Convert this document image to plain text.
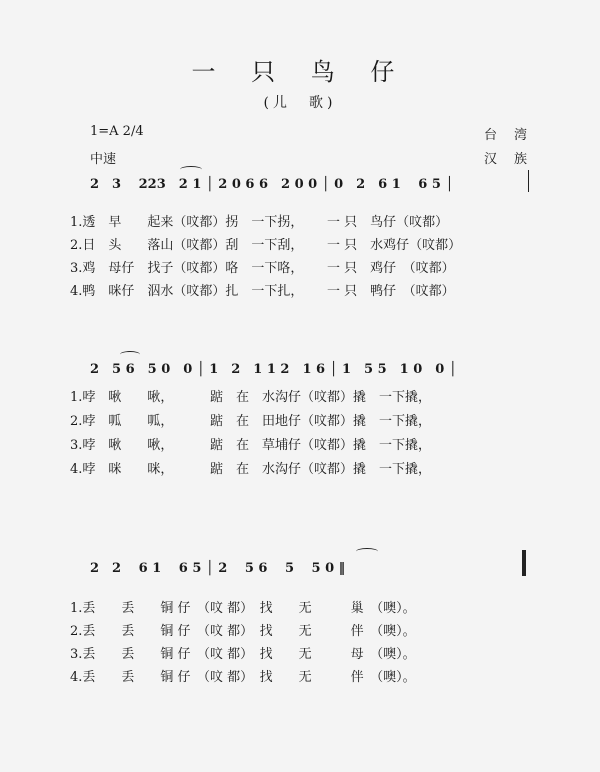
一 只 鸟 仔
(儿　歌)
1=A 2/4
中速
台　湾
汉　族
2　3　 223　2 1 │ 2 0 6 6　2 0 0 │ 0　2　6 1　 6 5 │
1.透　早　　起来（呅都）拐　一下拐，　　 一 只　鸟仔（呅都）
2.日　头　　落山（呅都）刮　一下刮，　　 一 只　水鸡仔（呅都）
3.鸡　母仔　找子（呅都）咯　一下咯，　　 一 只　鸡仔　（呅都）
4.鸭　咪仔　泅水（呅都）扎　一下扎，　　 一 只　鸭仔　（呅都）
2　5 6　5 0　0 │ 1　2　1 1 2　1 6 │ 1　5 5　1 0　0 │
1.哱　啾　　啾，　　　 踮　在　水沟仔（呅都）撬　一下撬，
2.哱　呱　　呱，　　　 踮　在　田地仔（呅都）撬　一下撬，
3.哱　啾　　啾，　　　 踮　在　草埔仔（呅都）撬　一下撬，
4.哱　咪　　咪，　　　 踮　在　水沟仔（呅都）撬　一下撬，
2　2　 6 1　 6 5 │ 2　 5 6　 5　 5 0 ‖
1.丢　　丢　　铜 仔　（呅 都）　找　　无　　　巢　（噢）。
2.丢　　丢　　铜 仔　（呅 都）　找　　无　　　伴　（噢）。
3.丢　　丢　　铜 仔　（呅 都）　找　　无　　　母　（噢）。
4.丢　　丢　　铜 仔　（呅 都）　找　　无　　　伴　（噢）。
